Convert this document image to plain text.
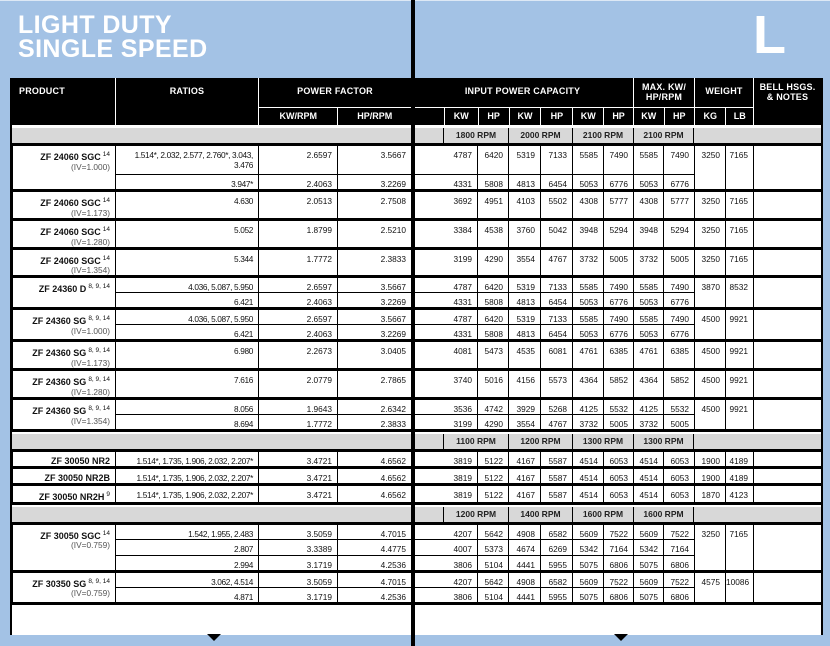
LIGHT DUTY
SINGLE SPEED	L
PRODUCT	RATIOS	POWER FACTOR
KW/RPM	HP/RPM
INPUT POWER CAPACITY
KW	HP	KW	HP	KW	HP
MAX. KW/
HP/RPM
KW	HP
WEIGHT
KG	LB
BELL HSGS.
& NOTES
1800 RPM	2000 RPM	2100 RPM	2100 RPM
ZF 24060 SGC $^{14}$
(IV=1.000)	1.514*, 2.032, 2.577, 2.760*, 3.043, 3.476	2.6597	3.5667	4787	6420	5319	7133	5585	7490	5585	7490	3250	7165	
	3.947*	2.4063	3.2269	4331	5808	4813	6454	5053	6776	5053	6776			
ZF 24060 SGC $^{14}$
(IV=1.173)	4.630	2.0513	2.7508	3692	4951	4103	5502	4308	5777	4308	5777	3250	7165	
ZF 24060 SGC $^{14}$
(IV=1.280)	5.052	1.8799	2.5210	3384	4538	3760	5042	3948	5294	3948	5294	3250	7165	
ZF 24060 SGC $^{14}$
(IV=1.354)	5.344	1.7772	2.3833	3199	4290	3554	4767	3732	5005	3732	5005	3250	7165	
ZF 24360 D $^{8, 9, 14}$	4.036, 5.087, 5.950	2.6597	3.5667	4787	6420	5319	7133	5585	7490	5585	7490	3870	8532	
	6.421	2.4063	3.2269	4331	5808	4813	6454	5053	6776	5053	6776			
ZF 24360 SG $^{8, 9, 14}$
(IV=1.000)	4.036, 5.087, 5.950	2.6597	3.5667	4787	6420	5319	7133	5585	7490	5585	7490	4500	9921	
	6.421	2.4063	3.2269	4331	5808	4813	6454	5053	6776	5053	6776			
ZF 24360 SG $^{8, 9, 14}$
(IV=1.173)	6.980	2.2673	3.0405	4081	5473	4535	6081	4761	6385	4761	6385	4500	9921	
ZF 24360 SG $^{8, 9, 14}$
(IV=1.280)	7.616	2.0779	2.7865	3740	5016	4156	5573	4364	5852	4364	5852	4500	9921	
ZF 24360 SG $^{8, 9, 14}$
(IV=1.354)	8.056	1.9643	2.6342	3536	4742	3929	5268	4125	5532	4125	5532	4500	9921	
	8.694	1.7772	2.3833	3199	4290	3554	4767	3732	5005	3732	5005			
1100 RPM	1200 RPM	1300 RPM	1300 RPM
ZF 30050 NR2	1.514*, 1.735, 1.906, 2.032, 2.207*	3.4721	4.6562	3819	5122	4167	5587	4514	6053	4514	6053	1900	4189	
ZF 30050 NR2B	1.514*, 1.735, 1.906, 2.032, 2.207*	3.4721	4.6562	3819	5122	4167	5587	4514	6053	4514	6053	1900	4189	
ZF 30050 NR2H $^9$	1.514*, 1.735, 1.906, 2.032, 2.207*	3.4721	4.6562	3819	5122	4167	5587	4514	6053	4514	6053	1870	4123	
1200 RPM	1400 RPM	1600 RPM	1600 RPM
ZF 30050 SGC $^{14}$
(IV=0.759)	1.542, 1.955, 2.483	3.5059	4.7015	4207	5642	4908	6582	5609	7522	5609	7522	3250	7165	
	2.807	3.3389	4.4775	4007	5373	4674	6269	5342	7164	5342	7164			
	2.994	3.1719	4.2536	3806	5104	4441	5955	5075	6806	5075	6806			
ZF 30350 SG $^{8, 9, 14}$
(IV=0.759)	3.062, 4.514	3.5059	4.7015	4207	5642	4908	6582	5609	7522	5609	7522	4575	10086	
	4.871	3.1719	4.2536	3806	5104	4441	5955	5075	6806	5075	6806			
